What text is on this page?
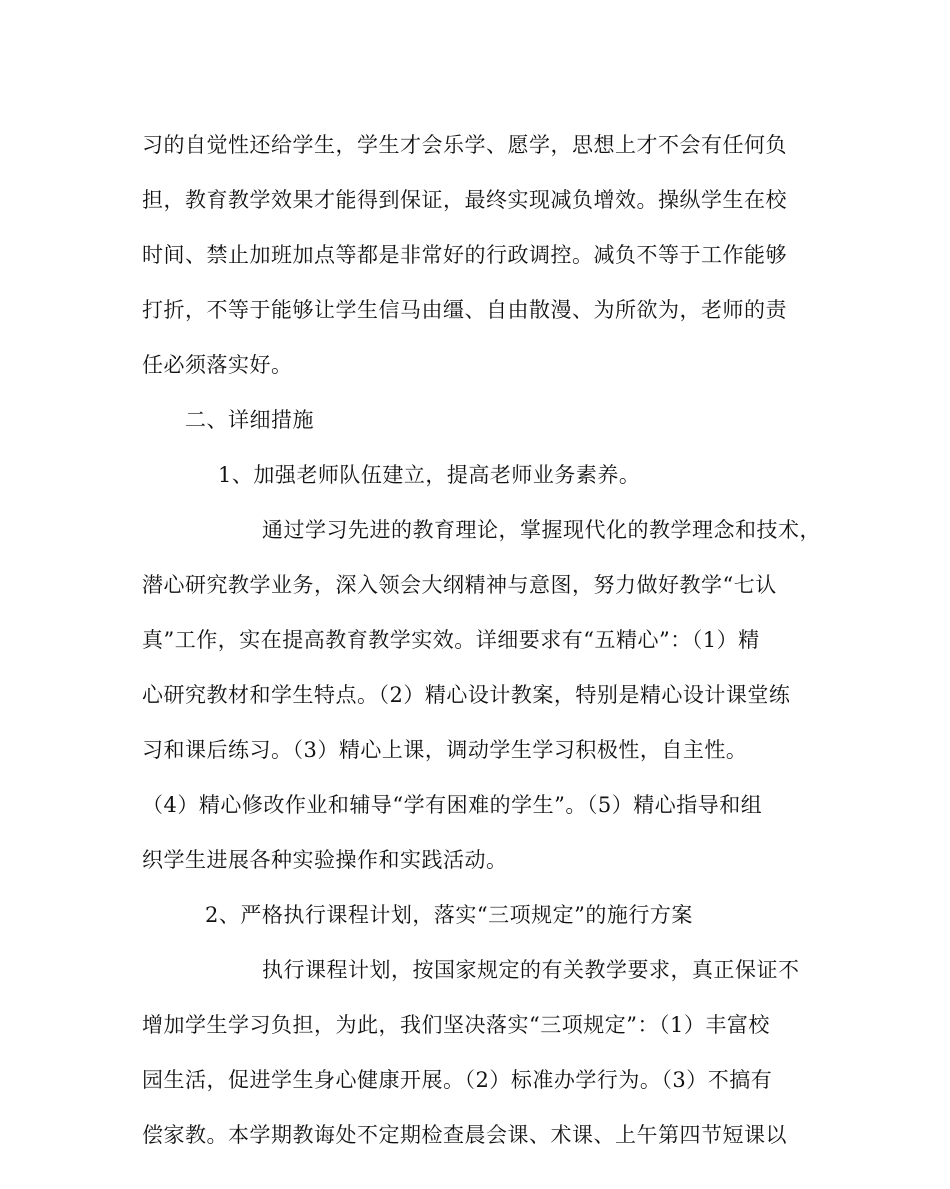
习的自觉性还给学生，学生才会乐学、愿学，思想上才不会有任何负
担，教育教学效果才能得到保证，最终实现减负增效。操纵学生在校
时间、禁止加班加点等都是非常好的行政调控。减负不等于工作能够
打折，不等于能够让学生信马由缰、自由散漫、为所欲为，老师的责
任必须落实好。
二、详细措施
1、加强老师队伍建立，提高老师业务素养。
通过学习先进的教育理论，掌握现代化的教学理念和技术，
潜心研究教学业务，深入领会大纲精神与意图，努力做好教学“七认
真”工作，实在提高教育教学实效。详细要求有“五精心”：（1）精
心研究教材和学生特点。（2）精心设计教案，特别是精心设计课堂练
习和课后练习。（3）精心上课，调动学生学习积极性，自主性。
（4）精心修改作业和辅导“学有困难的学生”。（5）精心指导和组
织学生进展各种实验操作和实践活动。
2、严格执行课程计划，落实“三项规定”的施行方案
执行课程计划，按国家规定的有关教学要求，真正保证不
增加学生学习负担，为此，我们坚决落实“三项规定”：（1）丰富校
园生活，促进学生身心健康开展。（2）标准办学行为。（3）不搞有
偿家教。本学期教诲处不定期检查晨会课、术课、上午第四节短课以
